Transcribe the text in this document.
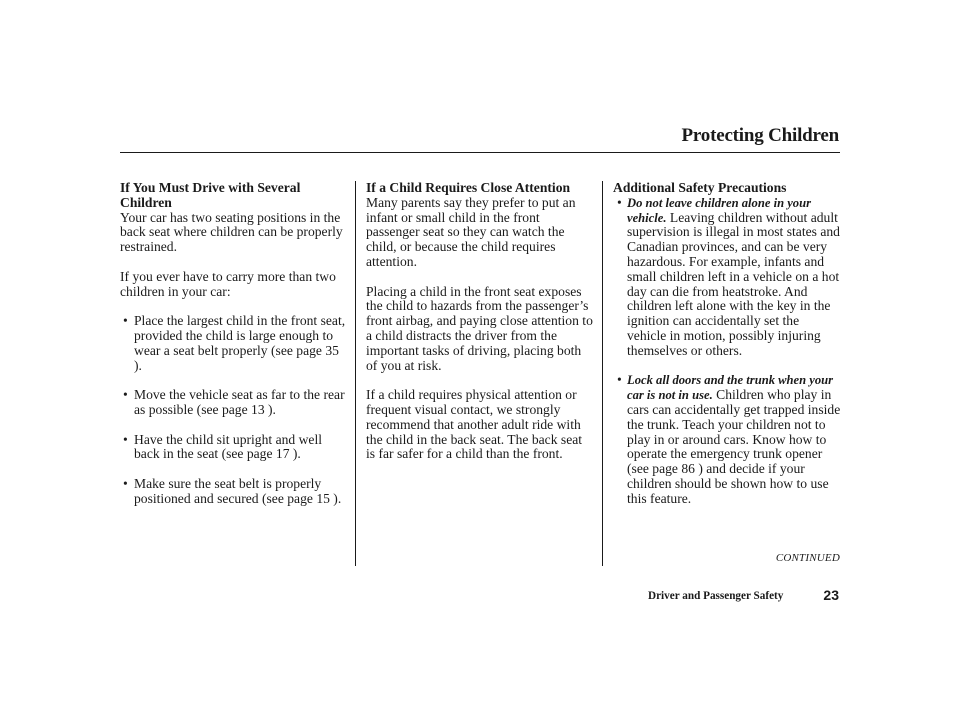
Protecting Children
If You Must Drive with Several Children

Your car has two seating positions in the back seat where children can be properly restrained.

If you ever have to carry more than two children in your car:

• Place the largest child in the front seat, provided the child is large enough to wear a seat belt properly (see page 35 ).
• Move the vehicle seat as far to the rear as possible (see page 13 ).
• Have the child sit upright and well back in the seat (see page 17 ).
• Make sure the seat belt is properly positioned and secured (see page 15 ).
If a Child Requires Close Attention

Many parents say they prefer to put an infant or small child in the front passenger seat so they can watch the child, or because the child requires attention.

Placing a child in the front seat exposes the child to hazards from the passenger’s front airbag, and paying close attention to a child distracts the driver from the important tasks of driving, placing both of you at risk.

If a child requires physical attention or frequent visual contact, we strongly recommend that another adult ride with the child in the back seat. The back seat is far safer for a child than the front.

Additional Safety Precautions
• Do not leave children alone in your vehicle. Leaving children without adult supervision is illegal in most states and Canadian provinces, and can be very hazardous. For example, infants and small children left in a vehicle on a hot day can die from heatstroke. And children left alone with the key in the ignition can accidentally set the vehicle in motion, possibly injuring themselves or others.
• Lock all doors and the trunk when your car is not in use. Children who play in cars can accidentally get trapped inside the trunk. Teach your children not to play in or around cars. Know how to operate the emergency trunk opener (see page 86 ) and decide if your children should be shown how to use this feature.
CONTINUED
Driver and Passenger Safety	23
